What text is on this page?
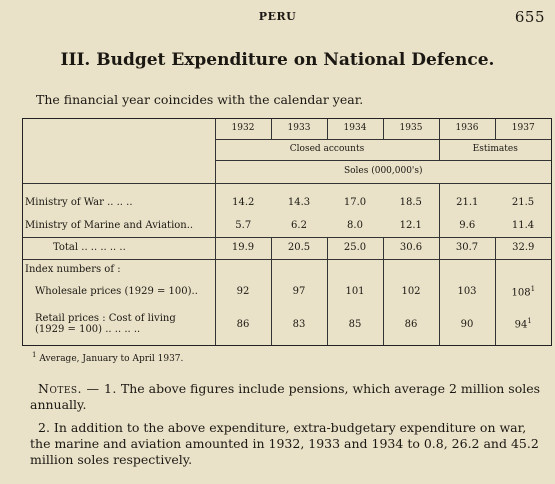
PERU	655
III. Budget Expenditure on National Defence.
The financial year coincides with the calendar year.
	1932	1933	1934	1935	1936	1937
	Closed accounts				Estimates	
	Soles (000,000's)					
Ministry of War .. .. ..	14.2	14.3	17.0	18.5	21.1	21.5
Ministry of Marine and Aviation..	5.7	6.2	8.0	12.1	9.6	11.4
Total .. .. .. .. ..	19.9	20.5	25.0	30.6	30.7	32.9
Index numbers of :						
Wholesale prices (1929 = 100)..	92	97	101	102	103	$108^1$
Retail prices : Cost of living
(1929 = 100) .. .. .. ..	86	83	85	86	90	$94^1$
$^1$ Average, January to April 1937.
Notes. — 1. The above figures include pensions, which average 2 million soles annually.
2. In addition to the above expenditure, extra-budgetary expenditure on war, the marine and aviation amounted in 1932, 1933 and 1934 to 0.8, 26.2 and 45.2 million soles respectively.
